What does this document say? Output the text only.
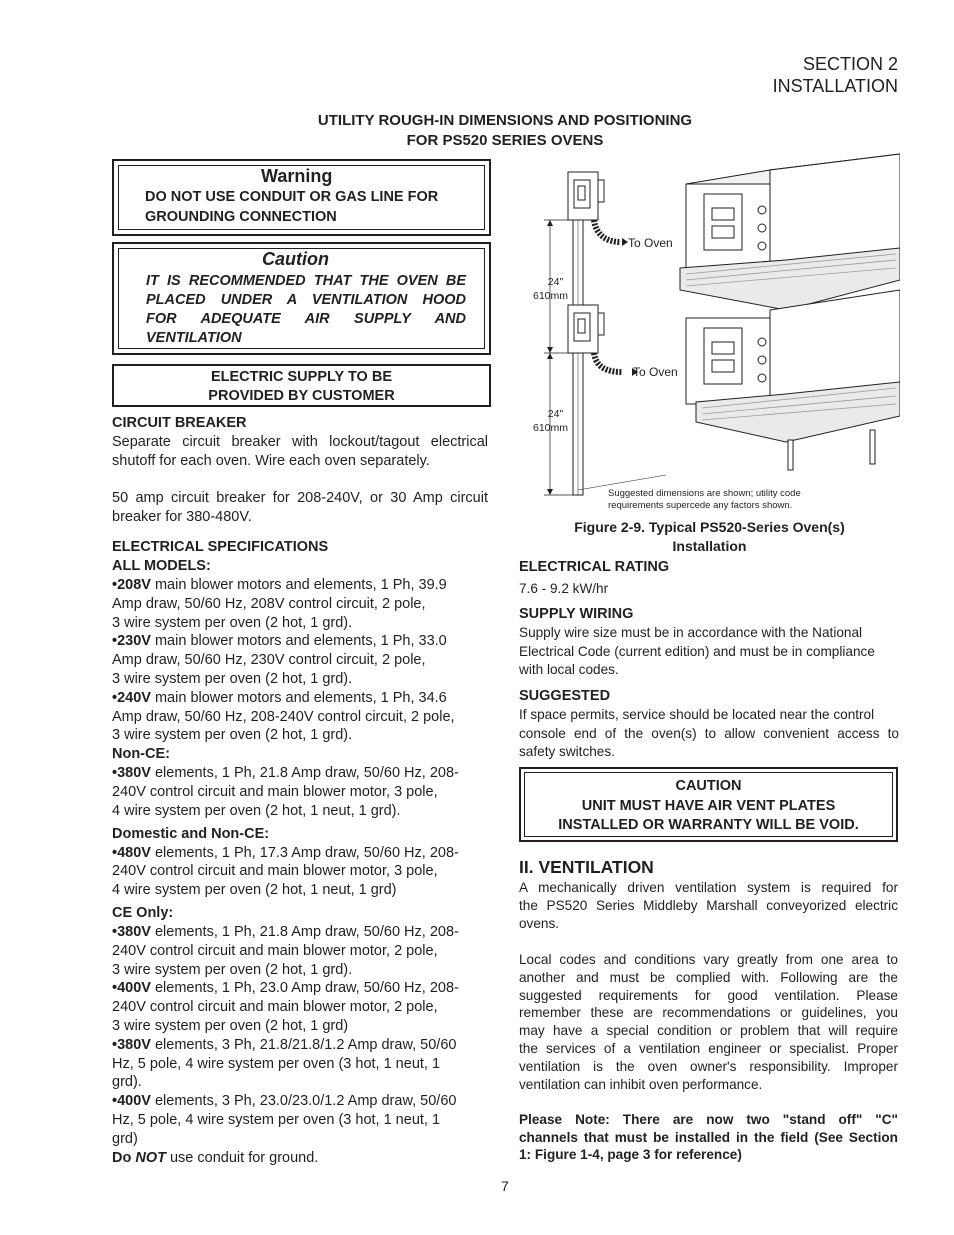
SECTION 2
INSTALLATION
UTILITY ROUGH-IN DIMENSIONS AND POSITIONING
FOR PS520 SERIES OVENS
Warning
DO NOT USE CONDUIT OR GAS LINE FOR
GROUNDING CONNECTION
Caution
IT IS RECOMMENDED THAT THE OVEN BE
PLACED UNDER A VENTILATION HOOD
FOR ADEQUATE AIR SUPPLY AND
VENTILATION
ELECTRIC SUPPLY TO BE
PROVIDED BY CUSTOMER
CIRCUIT BREAKER
Separate circuit breaker with lockout/tagout electrical
shutoff for each oven. Wire each oven separately.
50 amp circuit breaker for 208-240V, or 30 Amp circuit
breaker for 380-480V.
ELECTRICAL SPECIFICATIONS
ALL MODELS:
•208V main blower motors and elements, 1 Ph, 39.9
Amp draw, 50/60 Hz, 208V control circuit, 2 pole,
3 wire system per oven (2 hot, 1 grd).
•230V main blower motors and elements, 1 Ph, 33.0
Amp draw, 50/60 Hz, 230V control circuit, 2 pole,
3 wire system per oven (2 hot, 1 grd).
•240V main blower motors and elements, 1 Ph, 34.6
Amp draw, 50/60 Hz, 208-240V control circuit, 2 pole,
3 wire system per oven (2 hot, 1 grd).
Non-CE:
•380V elements, 1 Ph, 21.8 Amp draw, 50/60 Hz, 208-
240V control circuit and main blower motor, 3 pole,
4 wire system per oven (2 hot, 1 neut, 1 grd).
Domestic and Non-CE:
•480V elements, 1 Ph, 17.3 Amp draw, 50/60 Hz, 208-
240V control circuit and main blower motor, 3 pole,
4 wire system per oven (2 hot, 1 neut, 1 grd)
CE Only:
•380V elements, 1 Ph, 21.8 Amp draw, 50/60 Hz, 208-
240V control circuit and main blower motor, 2 pole,
3 wire system per oven (2 hot, 1 grd).
•400V elements, 1 Ph, 23.0 Amp draw, 50/60 Hz, 208-
240V control circuit and main blower motor, 2 pole,
3 wire system per oven (2 hot, 1 grd)
•380V elements, 3 Ph, 21.8/21.8/1.2 Amp draw, 50/60
Hz, 5 pole, 4 wire system per oven (3 hot, 1 neut, 1
grd).
•400V elements, 3 Ph, 23.0/23.0/1.2 Amp draw, 50/60
Hz, 5 pole, 4 wire system per oven (3 hot, 1 neut, 1
grd)
Do NOT use conduit for ground.
To Oven
To Oven
24"
610mm
24"
610mm
Suggested dimensions are shown; utility code
requirements supercede any factors shown.
Figure 2-9. Typical PS520-Series Oven(s)
Installation
ELECTRICAL RATING
7.6 - 9.2 kW/hr
SUPPLY WIRING
Supply wire size must be in accordance with the National
Electrical Code (current edition) and must be in compliance
with local codes.
SUGGESTED
If space permits, service should be located near the control
console end of the oven(s) to allow convenient access to
safety switches.
CAUTION
UNIT MUST HAVE AIR VENT PLATES
INSTALLED OR WARRANTY WILL BE VOID.
II. VENTILATION
A mechanically driven ventilation system is required for
the PS520 Series Middleby Marshall conveyorized electric
ovens.
Local codes and conditions vary greatly from one area to
another and must be complied with. Following are the
suggested requirements for good ventilation. Please
remember these are recommendations or guidelines, you
may have a special condition or problem that will require
the services of a ventilation engineer or specialist. Proper
ventilation is the oven owner's responsibility. Improper
ventilation can inhibit oven performance.
Please Note: There are now two "stand off" "C"
channels that must be installed in the field (See Section
1: Figure 1-4, page 3 for reference)
7
